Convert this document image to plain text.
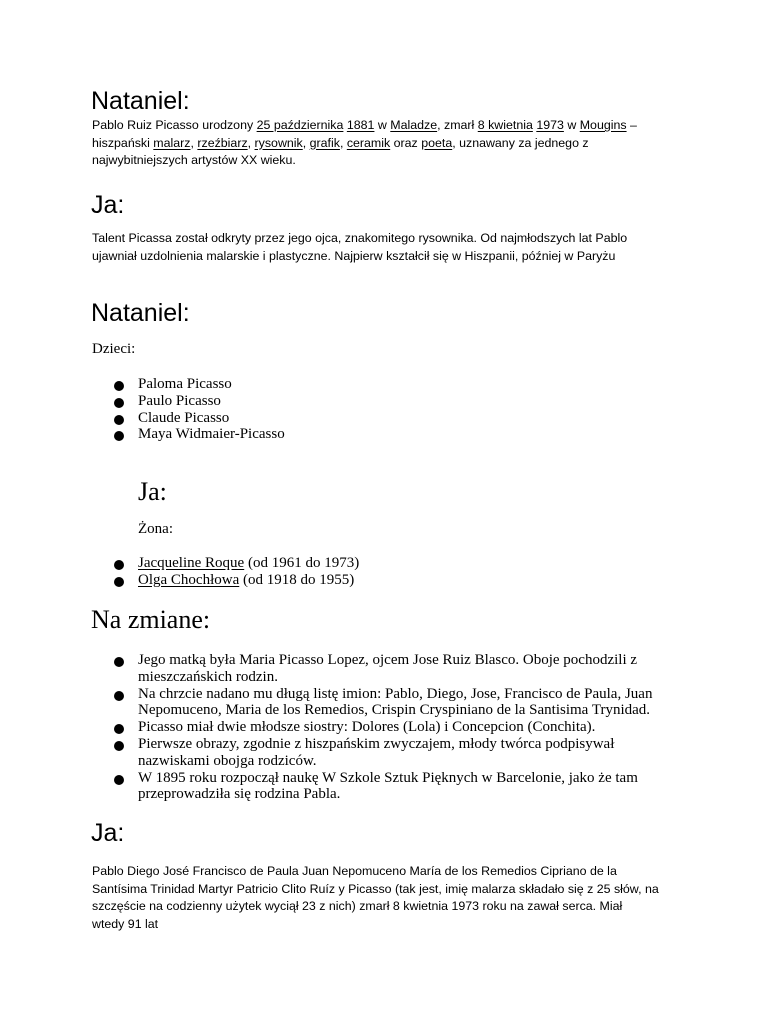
Nataniel:

Pablo Ruiz Picasso urodzony 25 października 1881 w Maladze, zmarł 8 kwietnia 1973 w Mougins –
hiszpański malarz, rzeźbiarz, rysownik, grafik, ceramik oraz poeta, uznawany za jednego z
najwybitniejszych artystów XX wieku.

Ja:

Talent Picassa został odkryty przez jego ojca, znakomitego rysownika. Od najmłodszych lat Pablo
ujawniał uzdolnienia malarskie i plastyczne. Najpierw kształcił się w Hiszpanii, później w Paryżu

Nataniel:

Dzieci:

Paloma Picasso
Paulo Picasso
Claude Picasso
Maya Widmaier-Picasso
Ja:

Żona:

Jacqueline Roque (od 1961 do 1973)
Olga Chochłowa (od 1918 do 1955)
Na zmiane:
Jego matką była Maria Picasso Lopez, ojcem Jose Ruiz Blasco. Oboje pochodzili z
mieszczańskich rodzin.
Na chrzcie nadano mu długą listę imion: Pablo, Diego, Jose, Francisco de Paula, Juan
Nepomuceno, Maria de los Remedios, Crispin Cryspiniano de la Santisima Trynidad.
Picasso miał dwie młodsze siostry: Dolores (Lola) i Concepcion (Conchita).
Pierwsze obrazy, zgodnie z hiszpańskim zwyczajem, młody twórca podpisywał
nazwiskami obojga rodziców.
W 1895 roku rozpoczął naukę W Szkole Sztuk Pięknych w Barcelonie, jako że tam
przeprowadziła się rodzina Pabla.
Ja:

Pablo Diego José Francisco de Paula Juan Nepomuceno María de los Remedios Cipriano de la
Santísima Trinidad Martyr Patricio Clito Ruíz y Picasso (tak jest, imię malarza składało się z 25 słów, na
szczęście na codzienny użytek wyciął 23 z nich) zmarł 8 kwietnia 1973 roku na zawał serca. Miał
wtedy 91 lat
